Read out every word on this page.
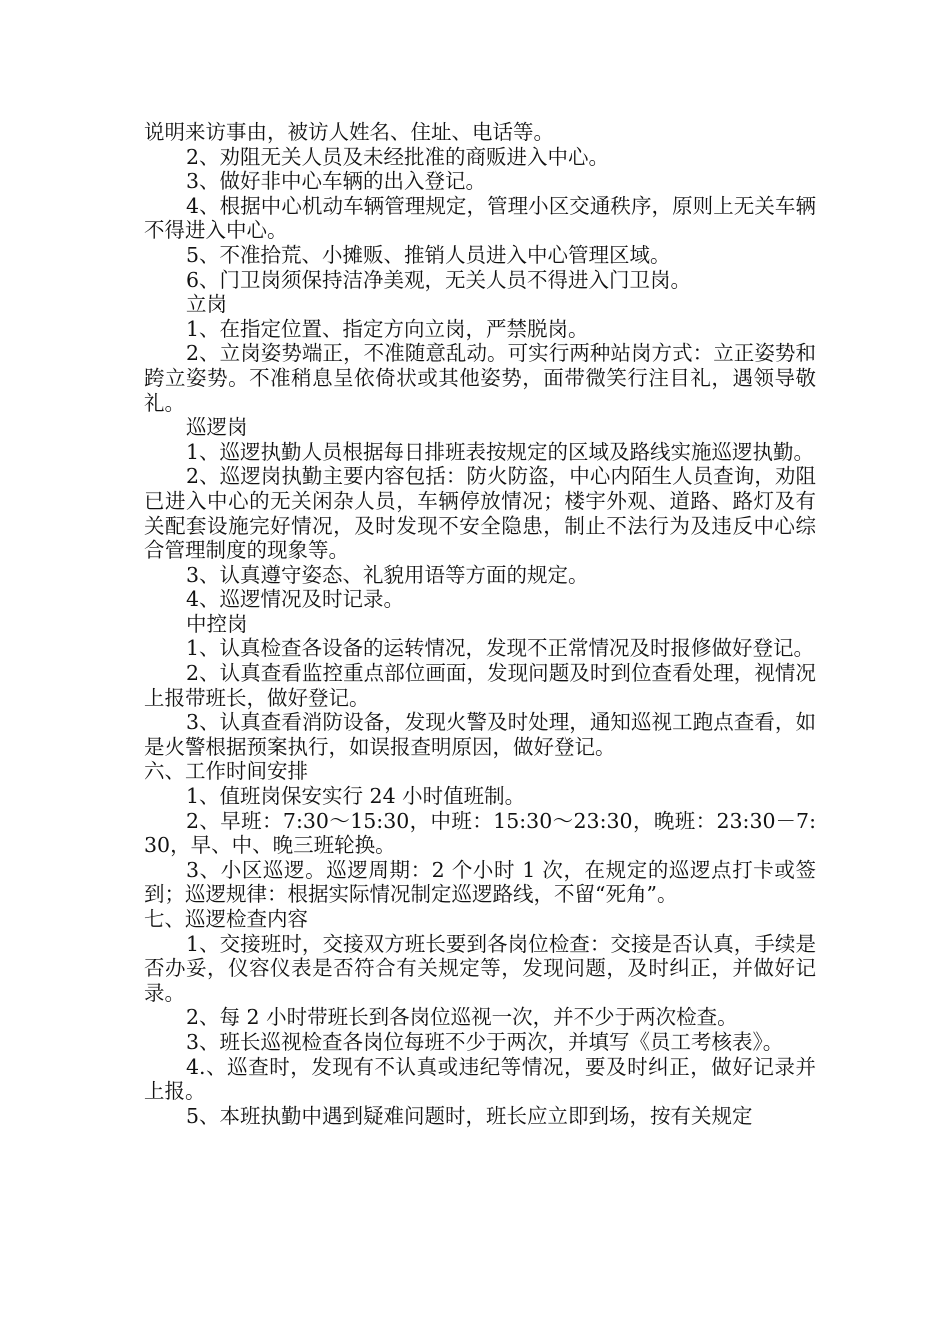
说明来访事由，被访人姓名、住址、电话等。

2、劝阻无关人员及未经批准的商贩进入中心。

3、做好非中心车辆的出入登记。

4、根据中心机动车辆管理规定，管理小区交通秩序，原则上无关车辆不得进入中心。

5、不准拾荒、小摊贩、推销人员进入中心管理区域。

6、门卫岗须保持洁净美观，无关人员不得进入门卫岗。

立岗

1、在指定位置、指定方向立岗，严禁脱岗。

2、立岗姿势端正，不准随意乱动。可实行两种站岗方式：立正姿势和跨立姿势。不准稍息呈依倚状或其他姿势，面带微笑行注目礼，遇领导敬礼。

巡逻岗

1、巡逻执勤人员根据每日排班表按规定的区域及路线实施巡逻执勤。

2、巡逻岗执勤主要内容包括：防火防盗，中心内陌生人员查询，劝阻已进入中心的无关闲杂人员，车辆停放情况；楼宇外观、道路、路灯及有关配套设施完好情况，及时发现不安全隐患，制止不法行为及违反中心综合管理制度的现象等。

3、认真遵守姿态、礼貌用语等方面的规定。

4、巡逻情况及时记录。

中控岗

1、认真检查各设备的运转情况，发现不正常情况及时报修做好登记。

2、认真查看监控重点部位画面，发现问题及时到位查看处理，视情况上报带班长，做好登记。

3、认真查看消防设备，发现火警及时处理，通知巡视工跑点查看，如是火警根据预案执行，如误报查明原因，做好登记。

六、工作时间安排

1、值班岗保安实行 24 小时值班制。

2、早班：7:30～15:30，中班：15:30～23:30，晚班：23:30－7:30，早、中、晚三班轮换。

3、小区巡逻。巡逻周期：2 个小时 1 次，在规定的巡逻点打卡或签到；巡逻规律：根据实际情况制定巡逻路线，不留“死角”。

七、巡逻检查内容

1、交接班时，交接双方班长要到各岗位检查：交接是否认真，手续是否办妥，仪容仪表是否符合有关规定等，发现问题，及时纠正，并做好记录。

2、每 2 小时带班长到各岗位巡视一次，并不少于两次检查。

3、班长巡视检查各岗位每班不少于两次，并填写《员工考核表》。

4.、巡查时，发现有不认真或违纪等情况，要及时纠正，做好记录并上报。

5、本班执勤中遇到疑难问题时，班长应立即到场，按有关规定
